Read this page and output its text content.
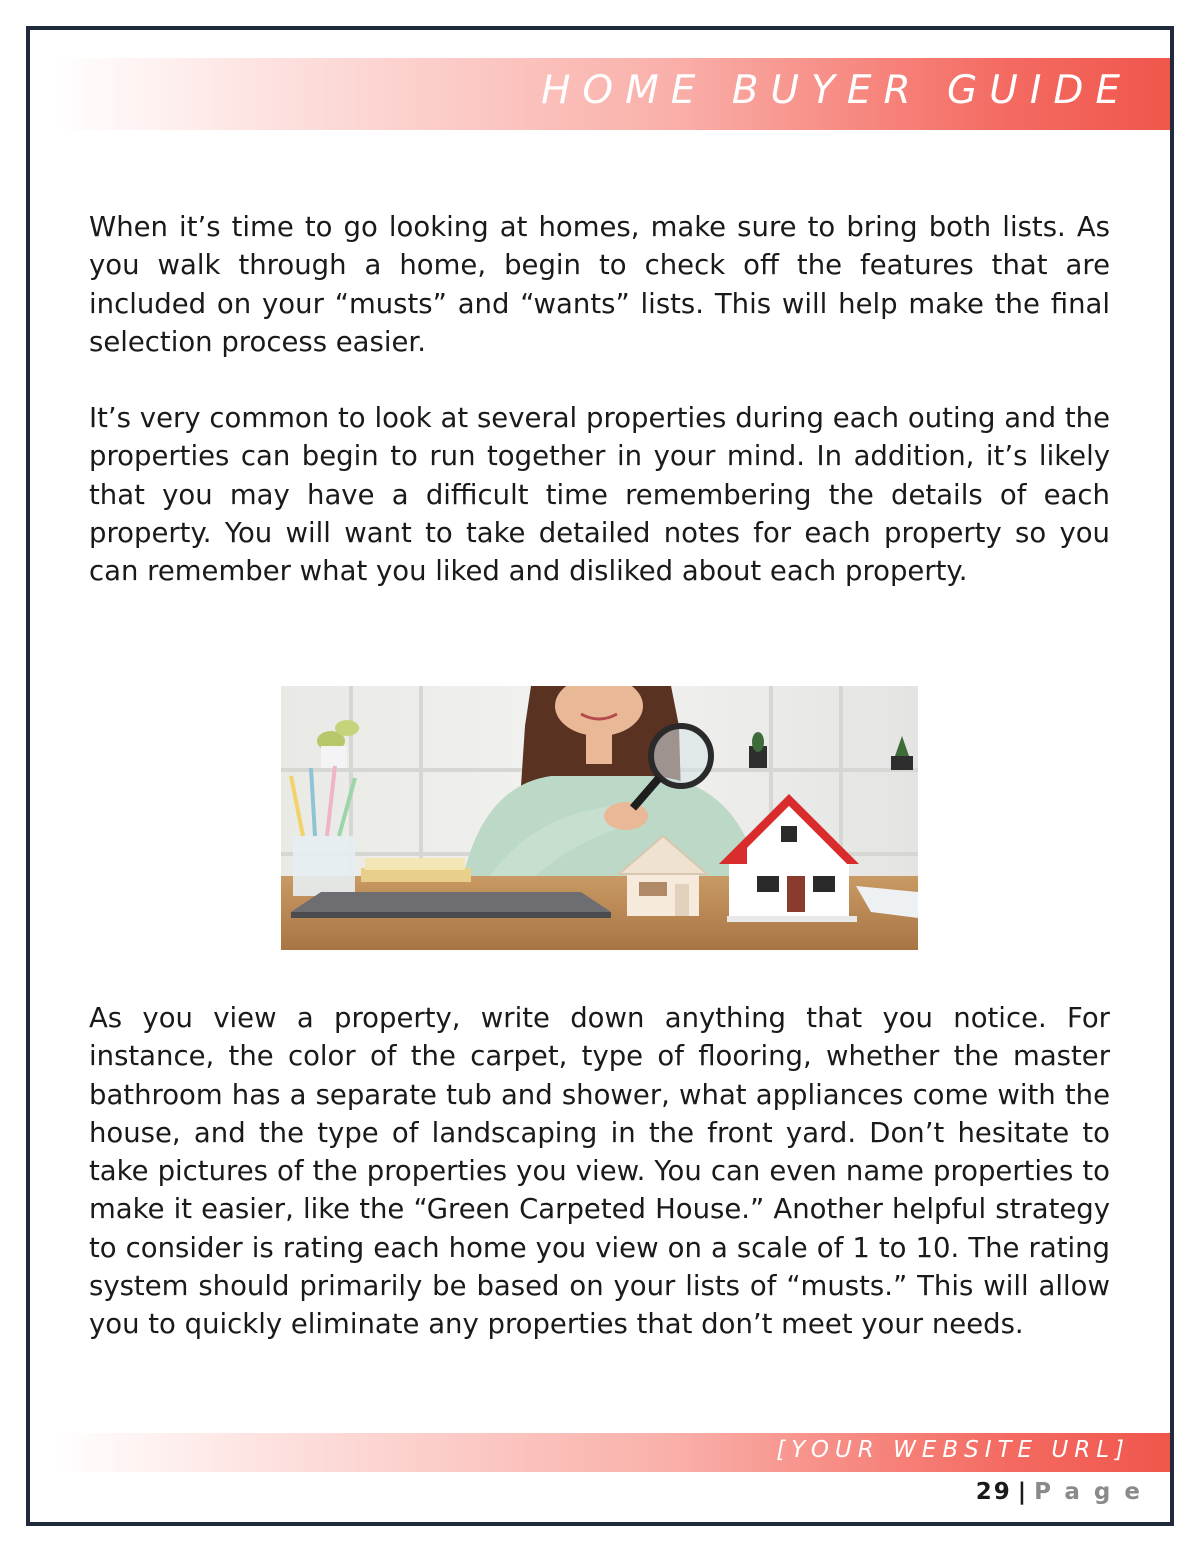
HOME BUYER GUIDE

When it’s time to go looking at homes, make sure to bring both lists. As you walk through a home, begin to check off the features that are included on your “musts” and “wants” lists. This will help make the final selection process easier.

It’s very common to look at several properties during each outing and the properties can begin to run together in your mind. In addition, it’s likely that you may have a difficult time remembering the details of each property. You will want to take detailed notes for each property so you can remember what you liked and disliked about each property.

As you view a property, write down anything that you notice. For instance, the color of the carpet, type of flooring, whether the master bathroom has a separate tub and shower, what appliances come with the house, and the type of landscaping in the front yard. Don’t hesitate to take pictures of the properties you view. You can even name properties to make it easier, like the “Green Carpeted House.” Another helpful strategy to consider is rating each home you view on a scale of 1 to 10. The rating system should primarily be based on your lists of “musts.” This will allow you to quickly eliminate any properties that don’t meet your needs.

[YOUR WEBSITE URL]
29 | Page
